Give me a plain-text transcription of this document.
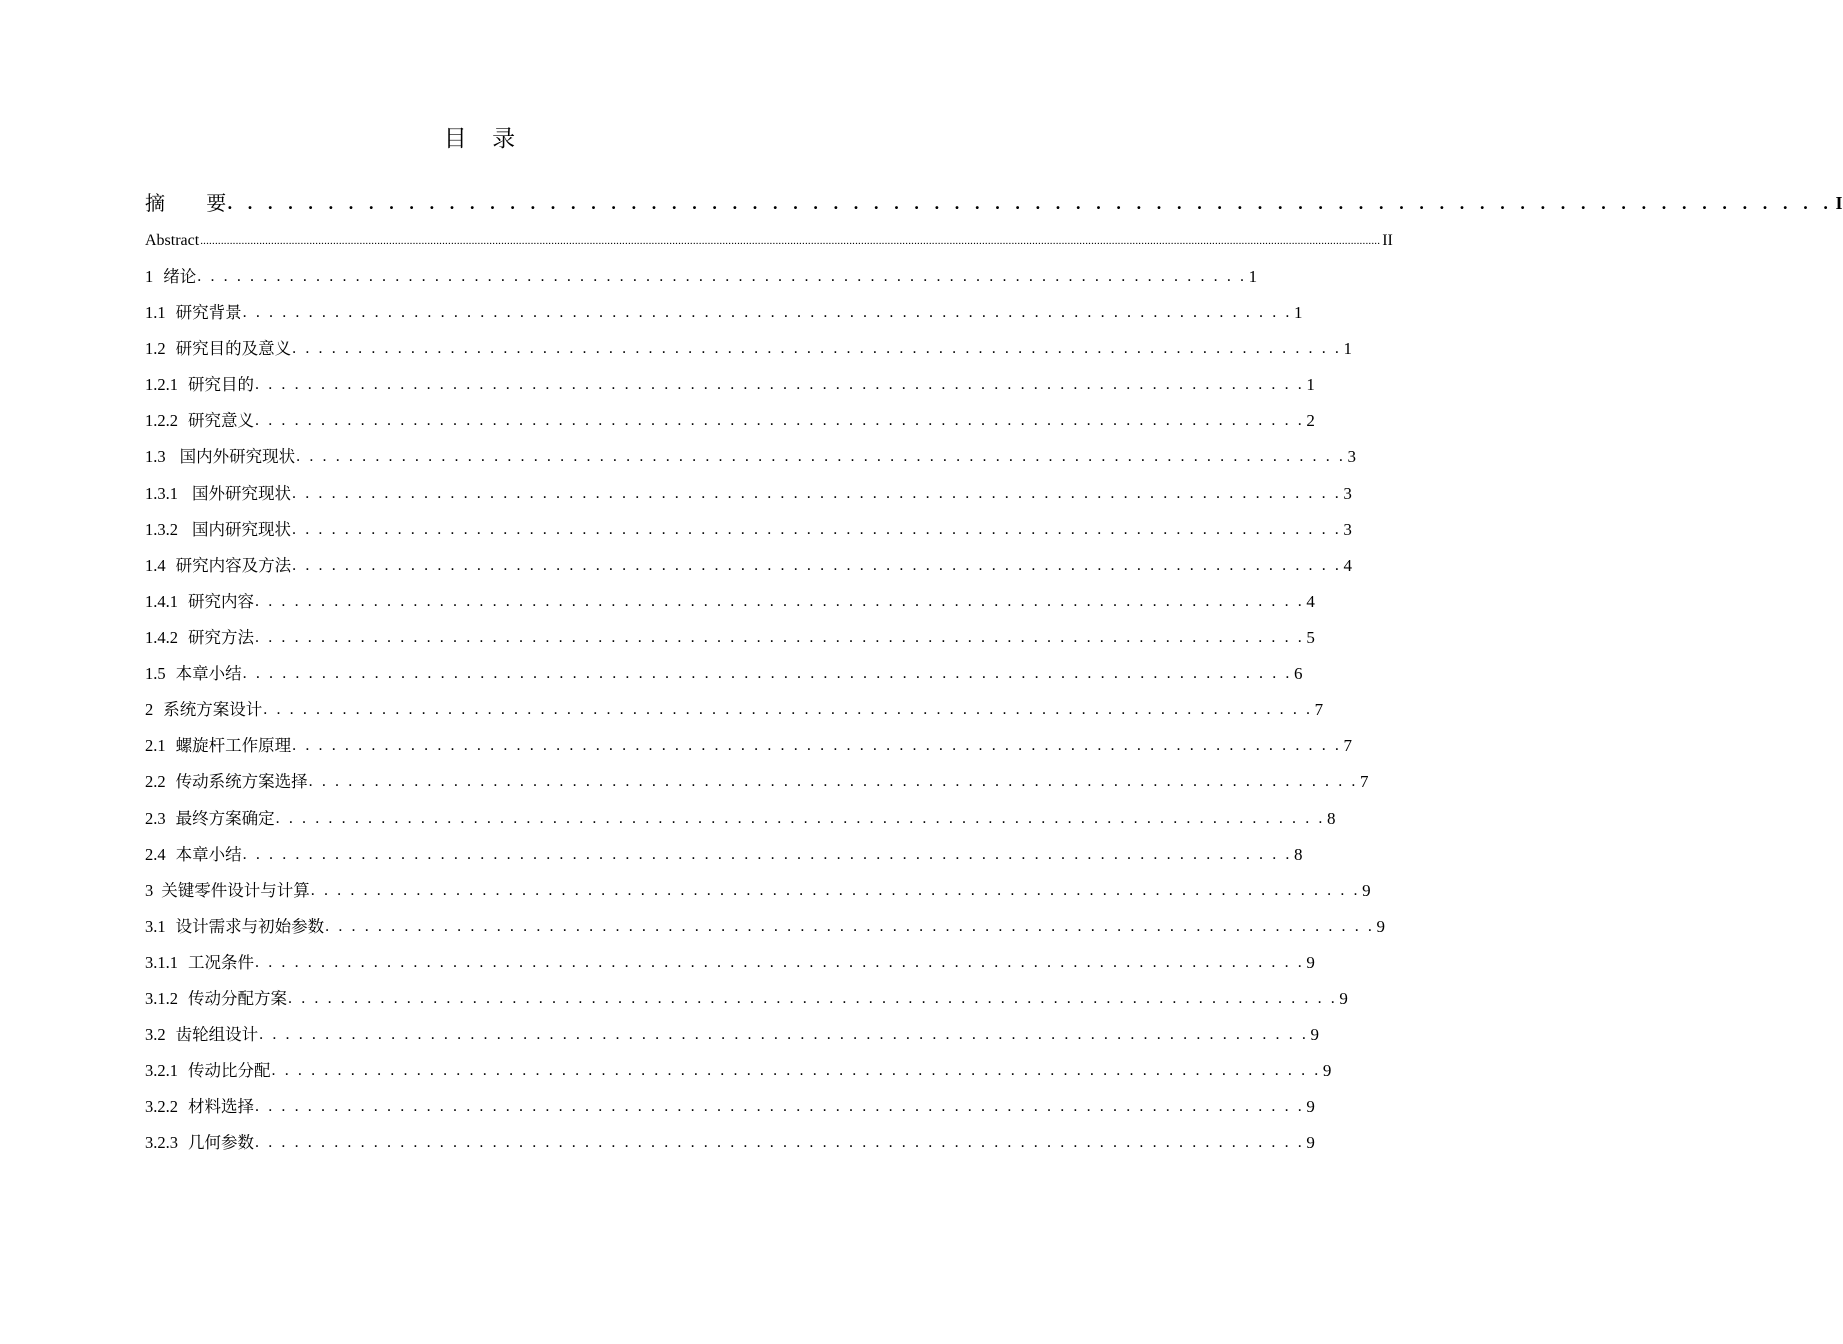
目　录
摘　　要 . . . . . . . . . . . . . . . . . . . . . . . . . . . . . . . . . . . . . . . . . . . . . . . . . . . . . . . . . . . . . . . . . . . . . . . . . . . . . . . . I
Abstract ................................................................................................................................................................................................................................................................................................................................................................................................................ II
1 绪论 . . . . . . . . . . . . . . . . . . . . . . . . . . . . . . . . . . . . . . . . . . . . . . . . . . . . . . . . . . . . . . . . . . . . . . . . . . . . . . . . 1
1.1 研究背景 . . . . . . . . . . . . . . . . . . . . . . . . . . . . . . . . . . . . . . . . . . . . . . . . . . . . . . . . . . . . . . . . . . . . . . . . . . . . . . . . 1
1.2 研究目的及意义 . . . . . . . . . . . . . . . . . . . . . . . . . . . . . . . . . . . . . . . . . . . . . . . . . . . . . . . . . . . . . . . . . . . . . . . . . . . . . . . . 1
1.2.1 研究目的 . . . . . . . . . . . . . . . . . . . . . . . . . . . . . . . . . . . . . . . . . . . . . . . . . . . . . . . . . . . . . . . . . . . . . . . . . . . . . . . . 1
1.2.2 研究意义 . . . . . . . . . . . . . . . . . . . . . . . . . . . . . . . . . . . . . . . . . . . . . . . . . . . . . . . . . . . . . . . . . . . . . . . . . . . . . . . . 2
1.3 国内外研究现状 . . . . . . . . . . . . . . . . . . . . . . . . . . . . . . . . . . . . . . . . . . . . . . . . . . . . . . . . . . . . . . . . . . . . . . . . . . . . . . . . 3
1.3.1 国外研究现状 . . . . . . . . . . . . . . . . . . . . . . . . . . . . . . . . . . . . . . . . . . . . . . . . . . . . . . . . . . . . . . . . . . . . . . . . . . . . . . . . 3
1.3.2 国内研究现状 . . . . . . . . . . . . . . . . . . . . . . . . . . . . . . . . . . . . . . . . . . . . . . . . . . . . . . . . . . . . . . . . . . . . . . . . . . . . . . . . 3
1.4 研究内容及方法 . . . . . . . . . . . . . . . . . . . . . . . . . . . . . . . . . . . . . . . . . . . . . . . . . . . . . . . . . . . . . . . . . . . . . . . . . . . . . . . . 4
1.4.1 研究内容 . . . . . . . . . . . . . . . . . . . . . . . . . . . . . . . . . . . . . . . . . . . . . . . . . . . . . . . . . . . . . . . . . . . . . . . . . . . . . . . . 4
1.4.2 研究方法 . . . . . . . . . . . . . . . . . . . . . . . . . . . . . . . . . . . . . . . . . . . . . . . . . . . . . . . . . . . . . . . . . . . . . . . . . . . . . . . . 5
1.5 本章小结 . . . . . . . . . . . . . . . . . . . . . . . . . . . . . . . . . . . . . . . . . . . . . . . . . . . . . . . . . . . . . . . . . . . . . . . . . . . . . . . . 6
2 系统方案设计 . . . . . . . . . . . . . . . . . . . . . . . . . . . . . . . . . . . . . . . . . . . . . . . . . . . . . . . . . . . . . . . . . . . . . . . . . . . . . . . . 7
2.1 螺旋杆工作原理 . . . . . . . . . . . . . . . . . . . . . . . . . . . . . . . . . . . . . . . . . . . . . . . . . . . . . . . . . . . . . . . . . . . . . . . . . . . . . . . . 7
2.2 传动系统方案选择 . . . . . . . . . . . . . . . . . . . . . . . . . . . . . . . . . . . . . . . . . . . . . . . . . . . . . . . . . . . . . . . . . . . . . . . . . . . . . . . . 7
2.3 最终方案确定 . . . . . . . . . . . . . . . . . . . . . . . . . . . . . . . . . . . . . . . . . . . . . . . . . . . . . . . . . . . . . . . . . . . . . . . . . . . . . . . . 8
2.4 本章小结 . . . . . . . . . . . . . . . . . . . . . . . . . . . . . . . . . . . . . . . . . . . . . . . . . . . . . . . . . . . . . . . . . . . . . . . . . . . . . . . . 8
3 关键零件设计与计算 . . . . . . . . . . . . . . . . . . . . . . . . . . . . . . . . . . . . . . . . . . . . . . . . . . . . . . . . . . . . . . . . . . . . . . . . . . . . . . . . 9
3.1 设计需求与初始参数 . . . . . . . . . . . . . . . . . . . . . . . . . . . . . . . . . . . . . . . . . . . . . . . . . . . . . . . . . . . . . . . . . . . . . . . . . . . . . . . . 9
3.1.1 工况条件 . . . . . . . . . . . . . . . . . . . . . . . . . . . . . . . . . . . . . . . . . . . . . . . . . . . . . . . . . . . . . . . . . . . . . . . . . . . . . . . . 9
3.1.2 传动分配方案 . . . . . . . . . . . . . . . . . . . . . . . . . . . . . . . . . . . . . . . . . . . . . . . . . . . . . . . . . . . . . . . . . . . . . . . . . . . . . . . . 9
3.2 齿轮组设计 . . . . . . . . . . . . . . . . . . . . . . . . . . . . . . . . . . . . . . . . . . . . . . . . . . . . . . . . . . . . . . . . . . . . . . . . . . . . . . . . 9
3.2.1 传动比分配 . . . . . . . . . . . . . . . . . . . . . . . . . . . . . . . . . . . . . . . . . . . . . . . . . . . . . . . . . . . . . . . . . . . . . . . . . . . . . . . . 9
3.2.2 材料选择 . . . . . . . . . . . . . . . . . . . . . . . . . . . . . . . . . . . . . . . . . . . . . . . . . . . . . . . . . . . . . . . . . . . . . . . . . . . . . . . . 9
3.2.3 几何参数 . . . . . . . . . . . . . . . . . . . . . . . . . . . . . . . . . . . . . . . . . . . . . . . . . . . . . . . . . . . . . . . . . . . . . . . . . . . . . . . . 9
